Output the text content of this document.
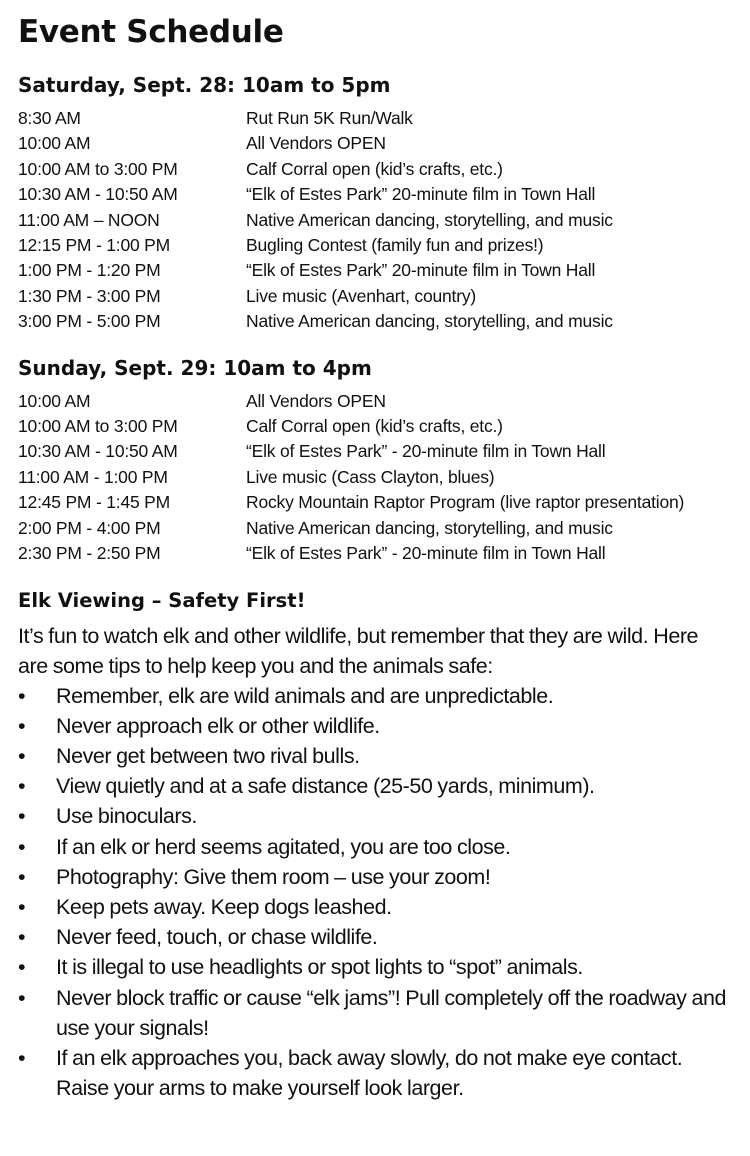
Event Schedule
Saturday, Sept. 28: 10am to 5pm
8:30 AM	Rut Run 5K Run/Walk
10:00 AM	All Vendors OPEN
10:00 AM to 3:00 PM	Calf Corral open (kid’s crafts, etc.)
10:30 AM - 10:50 AM	“Elk of Estes Park” 20-minute film in Town Hall
11:00 AM – NOON	Native American dancing, storytelling, and music
12:15 PM - 1:00 PM	Bugling Contest (family fun and prizes!)
1:00 PM - 1:20 PM	“Elk of Estes Park” 20-minute film in Town Hall
1:30 PM - 3:00 PM	Live music (Avenhart, country)
3:00 PM - 5:00 PM	Native American dancing, storytelling, and music
Sunday, Sept. 29: 10am to 4pm
10:00 AM	All Vendors OPEN
10:00 AM to 3:00 PM	Calf Corral open (kid’s crafts, etc.)
10:30 AM - 10:50 AM	“Elk of Estes Park” - 20-minute film in Town Hall
11:00 AM - 1:00 PM	Live music (Cass Clayton, blues)
12:45 PM - 1:45 PM	Rocky Mountain Raptor Program (live raptor presentation)
2:00 PM - 4:00 PM	Native American dancing, storytelling, and music
2:30 PM - 2:50 PM	“Elk of Estes Park” - 20-minute film in Town Hall
Elk Viewing – Safety First!

It’s fun to watch elk and other wildlife, but remember that they are wild. Here are some tips to help keep you and the animals safe:

• Remember, elk are wild animals and are unpredictable.
• Never approach elk or other wildlife.
• Never get between two rival bulls.
• View quietly and at a safe distance (25-50 yards, minimum).
• Use binoculars.
• If an elk or herd seems agitated, you are too close.
• Photography: Give them room – use your zoom!
• Keep pets away. Keep dogs leashed.
• Never feed, touch, or chase wildlife.
• It is illegal to use headlights or spot lights to “spot” animals.
• Never block traffic or cause “elk jams”! Pull completely off the roadway and use your signals!
• If an elk approaches you, back away slowly, do not make eye contact. Raise your arms to make yourself look larger.
